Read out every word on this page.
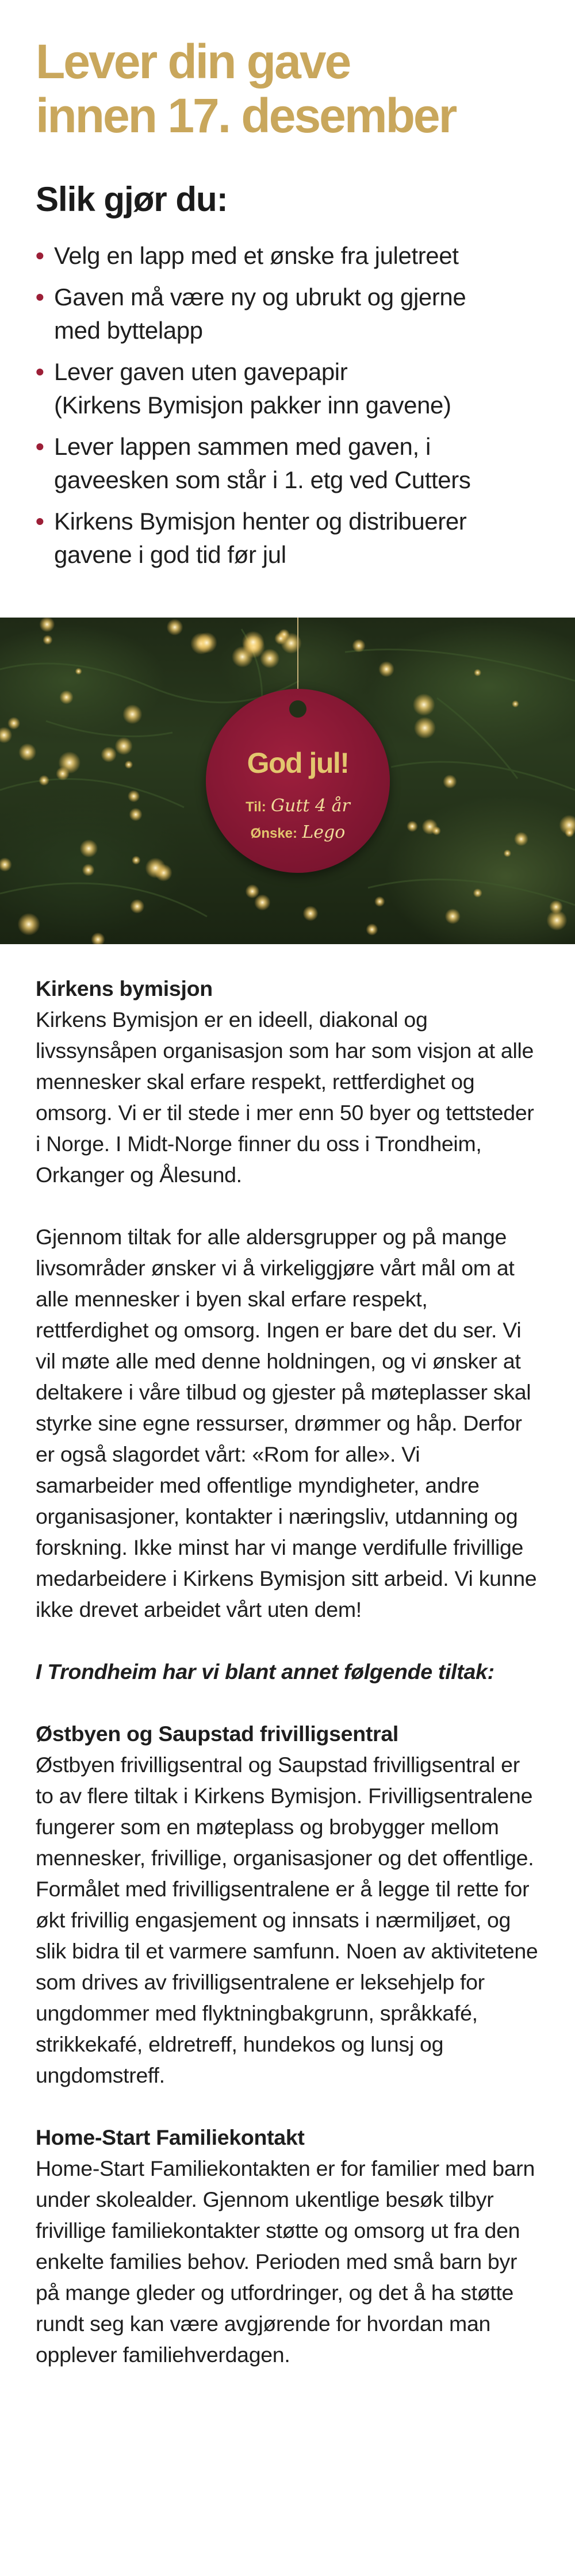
Lever din gave
innen 17. desember
Slik gjør du:
• Velg en lapp med et ønske fra juletreet
• Gaven må være ny og ubrukt og gjerne
med byttelapp
• Lever gaven uten gavepapir
(Kirkens Bymisjon pakker inn gavene)
• Lever lappen sammen med gaven, i
gaveesken som står i 1. etg ved Cutters
• Kirkens Bymisjon henter og distribuerer
gavene i god tid før jul
God jul!
Til: Gutt 4 år
Ønske: Lego

Kirkens bymisjon
Kirkens Bymisjon er en ideell, diakonal og livssynsåpen organisasjon som har som visjon at alle mennesker skal erfare respekt, rettferdighet og omsorg. Vi er til stede i mer enn 50 byer og tettsteder i Norge. I Midt-Norge finner du oss i Trondheim, Orkanger og Ålesund.

Gjennom tiltak for alle aldersgrupper og på mange livsområder ønsker vi å virkeliggjøre vårt mål om at alle mennesker i byen skal erfare respekt, rettferdighet og omsorg. Ingen er bare det du ser. Vi vil møte alle med denne holdningen, og vi ønsker at deltakere i våre tilbud og gjester på møteplasser skal styrke sine egne ressurser, drømmer og håp. Derfor er også slagordet vårt: «Rom for alle». Vi samarbeider med offentlige myndigheter, andre organisasjoner, kontakter i næringsliv, utdanning og forskning. Ikke minst har vi mange verdifulle frivillige medarbeidere i Kirkens Bymisjon sitt arbeid. Vi kunne ikke drevet arbeidet vårt uten dem!

I Trondheim har vi blant annet følgende tiltak:

Østbyen og Saupstad frivilligsentral
Østbyen frivilligsentral og Saupstad frivilligsentral er to av flere tiltak i Kirkens Bymisjon. Frivilligsentralene fungerer som en møteplass og brobygger mellom mennesker, frivillige, organisasjoner og det offentlige. Formålet med frivilligsentralene er å legge til rette for økt frivillig engasjement og innsats i nærmiljøet, og slik bidra til et varmere samfunn. Noen av aktivitetene som drives av frivilligsentralene er leksehjelp for ungdommer med flyktningbakgrunn, språkkafé, strikkekafé, eldretreff, hundekos og lunsj og ungdomstreff.

Home-Start Familiekontakt
Home-Start Familiekontakten er for familier med barn under skolealder. Gjennom ukentlige besøk tilbyr frivillige familiekontakter støtte og omsorg ut fra den enkelte families behov. Perioden med små barn byr på mange gleder og utfordringer, og det å ha støtte rundt seg kan være avgjørende for hvordan man opplever familiehverdagen.
